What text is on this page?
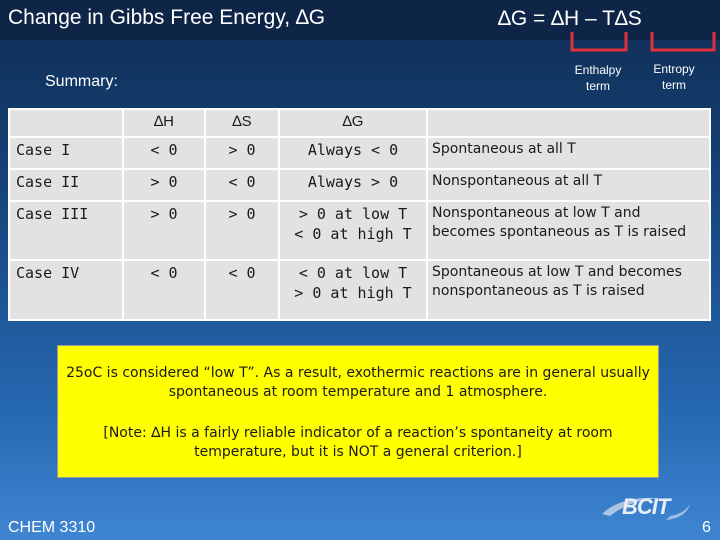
Change in Gibbs Free Energy, ∆G	∆G = ∆H – T∆S
Enthalpy
term
Entropy
term
Summary:
	∆H	∆S	∆G	
Case I	< 0	> 0	Always < 0	Spontaneous at all T
Case II	> 0	< 0	Always > 0	Nonspontaneous at all T
Case III	> 0	> 0	> 0 at low T
< 0 at high T	Nonspontaneous at low T and becomes spontaneous as T is raised
Case IV	< 0	< 0	< 0 at low T
> 0 at high T	Spontaneous at low T and becomes nonspontaneous as T is raised
25oC is considered “low T”. As a result, exothermic reactions are in general usually spontaneous at room temperature and 1 atmosphere.
[Note: ∆H is a fairly reliable indicator of a reaction’s spontaneity at room temperature, but it is NOT a general criterion.]
BCIT
CHEM 3310	6
